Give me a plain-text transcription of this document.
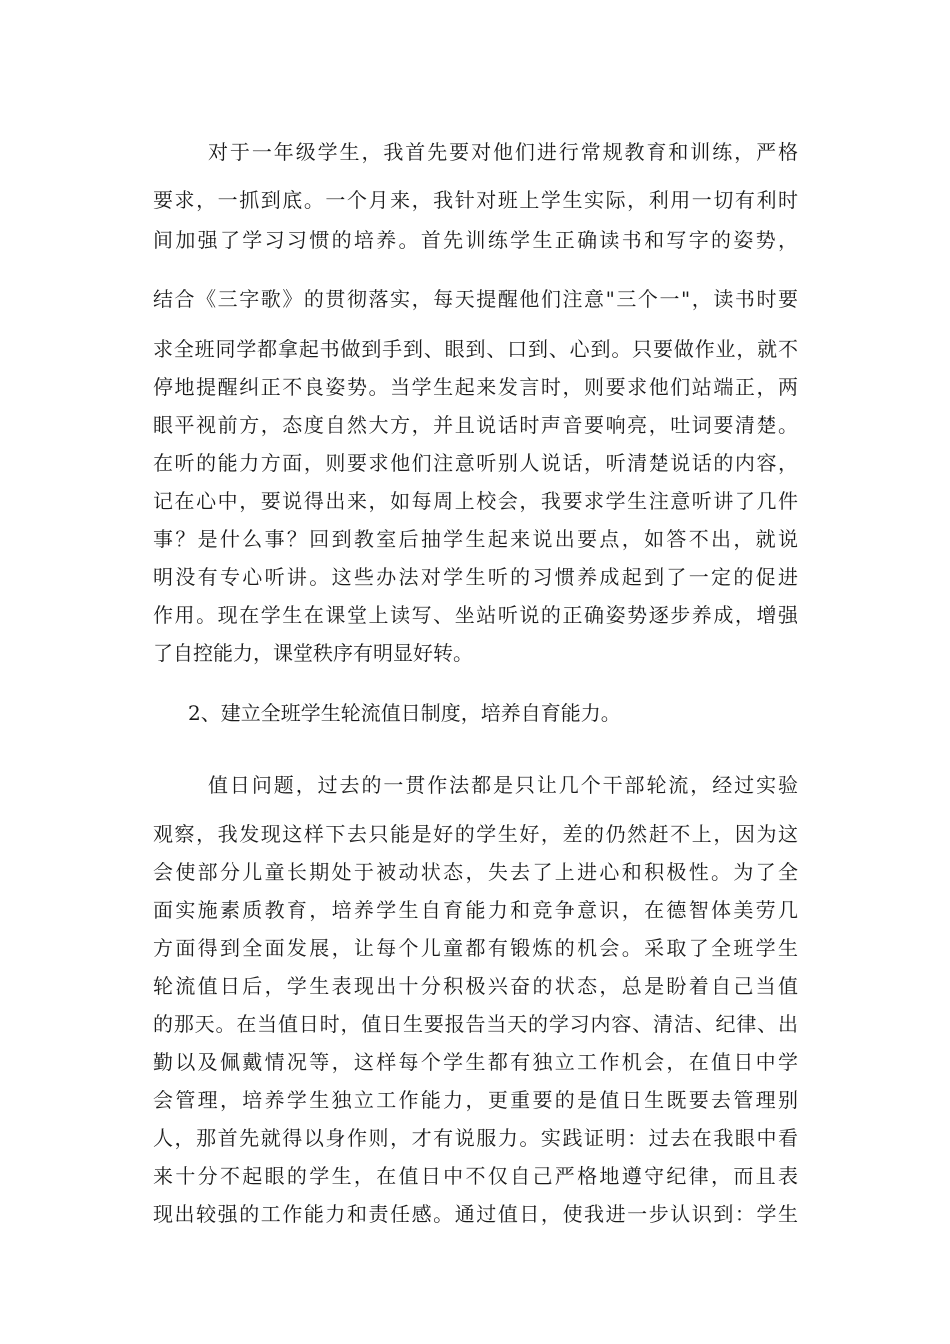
对于一年级学生，我首先要对他们进行常规教育和训练，严格
要求，一抓到底。一个月来，我针对班上学生实际，利用一切有利时
间加强了学习习惯的培养。首先训练学生正确读书和写字的姿势，
结合《三字歌》的贯彻落实，每天提醒他们注意"三个一"，读书时要
求全班同学都拿起书做到手到、眼到、口到、心到。只要做作业，就不
停地提醒纠正不良姿势。当学生起来发言时，则要求他们站端正，两
眼平视前方，态度自然大方，并且说话时声音要响亮，吐词要清楚。
在听的能力方面，则要求他们注意听别人说话，听清楚说话的内容，
记在心中，要说得出来，如每周上校会，我要求学生注意听讲了几件
事？是什么事？回到教室后抽学生起来说出要点，如答不出，就说
明没有专心听讲。这些办法对学生听的习惯养成起到了一定的促进
作用。现在学生在课堂上读写、坐站听说的正确姿势逐步养成，增强
了自控能力，课堂秩序有明显好转。
2、建立全班学生轮流值日制度，培养自育能力。
值日问题，过去的一贯作法都是只让几个干部轮流，经过实验
观察，我发现这样下去只能是好的学生好，差的仍然赶不上，因为这
会使部分儿童长期处于被动状态，失去了上进心和积极性。为了全
面实施素质教育，培养学生自育能力和竞争意识，在德智体美劳几
方面得到全面发展，让每个儿童都有锻炼的机会。采取了全班学生
轮流值日后，学生表现出十分积极兴奋的状态，总是盼着自己当值
的那天。在当值日时，值日生要报告当天的学习内容、清洁、纪律、出
勤以及佩戴情况等，这样每个学生都有独立工作机会，在值日中学
会管理，培养学生独立工作能力，更重要的是值日生既要去管理别
人，那首先就得以身作则，才有说服力。实践证明：过去在我眼中看
来十分不起眼的学生，在值日中不仅自己严格地遵守纪律，而且表
现出较强的工作能力和责任感。通过值日，使我进一步认识到：学生
